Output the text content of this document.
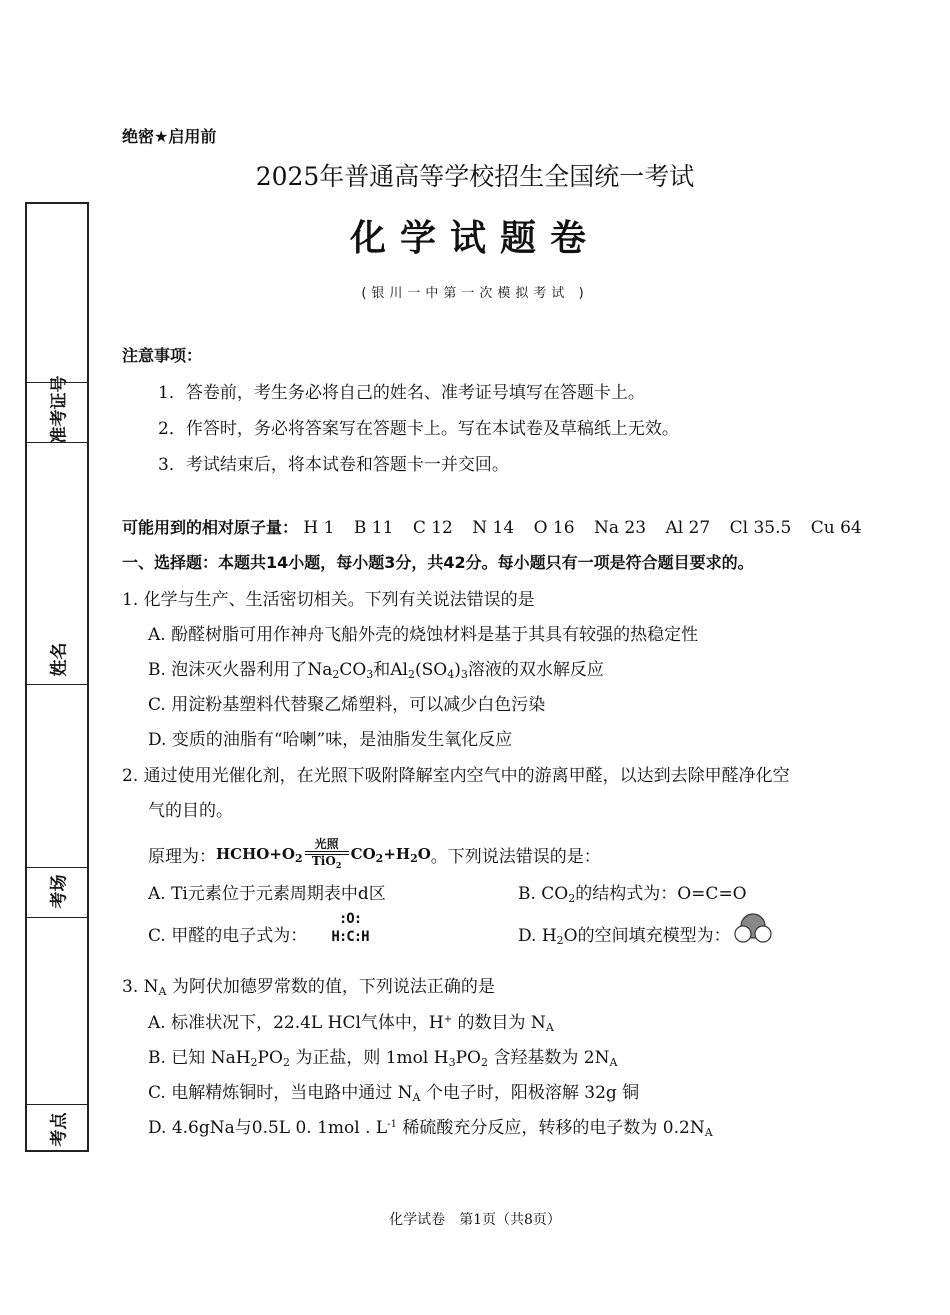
绝密★启用前
2025年普通高等学校招生全国统一考试
化学试题卷
(银川一中第一次模拟考试 )
准考证号
姓名
考场
考点
注意事项：
1．答卷前，考生务必将自己的姓名、准考证号填写在答题卡上。
2．作答时，务必将答案写在答题卡上。写在本试卷及草稿纸上无效。
3．考试结束后，将本试卷和答题卡一并交回。
可能用到的相对原子量： H 1 B 11 C 12 N 14 O 16 Na 23 Al 27 Cl 35.5 Cu 64
一、选择题：本题共14小题，每小题3分，共42分。每小题只有一项是符合题目要求的。
1. 化学与生产、生活密切相关。下列有关说法错误的是
A. 酚醛树脂可用作神舟飞船外壳的烧蚀材料是基于其具有较强的热稳定性
B. 泡沫灭火器利用了$Na_2CO_3$和$Al_2(SO_4)_3$溶液的双水解反应
C. 用淀粉基塑料代替聚乙烯塑料，可以减少白色污染
D. 变质的油脂有“哈喇”味，是油脂发生氧化反应
2. 通过使用光催化剂，在光照下吸附降解室内空气中的游离甲醛，以达到去除甲醛净化空
气的目的。
原理为： $HCHO+O_2$
光照
TiO$_2$
$CO_2+H_2O$ 。下列说法错误的是：
A. Ti元素位于元素周期表中d区	B. $CO_2$的结构式为：O=C=O
C. 甲醛的电子式为：
:O:
H:C:H	D. $H_2O$的空间填充模型为：
3. $N_A$ 为阿伏加德罗常数的值，下列说法正确的是
A. 标准状况下，22.4L HCl气体中，H+ 的数目为 $N_A$
B. 已知 $NaH_2PO_2$ 为正盐，则 1mol $H_3PO_2$ 含羟基数为 $2N_A$
C. 电解精炼铜时，当电路中通过 $N_A$ 个电子时，阳极溶解 32g 铜
D. 4.6gNa与0.5L 0. 1mol . $L^{-1}$ 稀硫酸充分反应，转移的电子数为 $0.2N_A$
化学试卷　第1页（共8页）
